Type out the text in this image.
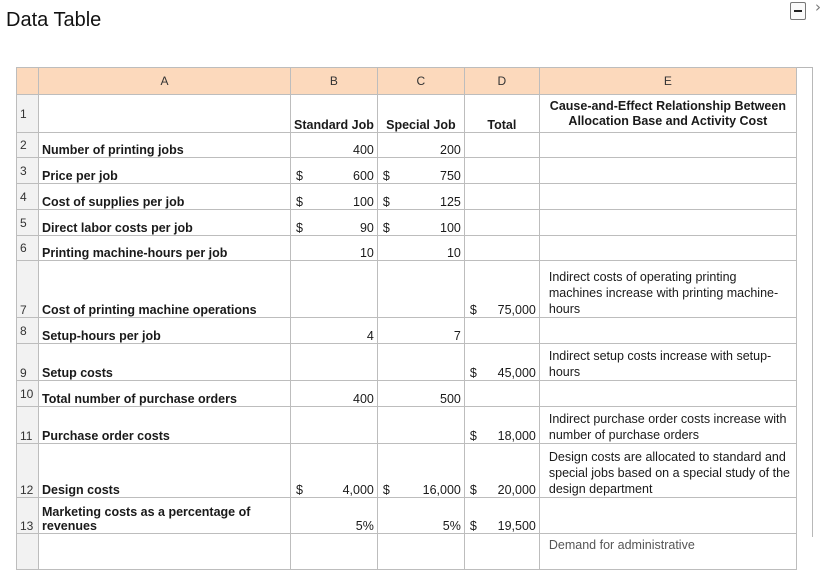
Data Table
›
	A	B	C	D	E
1		Standard Job	Special Job	Total	Cause-and-Effect Relationship Between Allocation Base and Activity Cost
2	Number of printing jobs	400	200		
3	Price per job	$ 600	$ 750		
4	Cost of supplies per job	$ 100	$ 125		
5	Direct labor costs per job	$ 90	$ 100		
6	Printing machine-hours per job	10	10		
7	Cost of printing machine operations			$ 75,000	Indirect costs of operating printing machines increase with printing machine-hours
8	Setup-hours per job	4	7		
9	Setup costs			$ 45,000	Indirect setup costs increase with setup-hours
10	Total number of purchase orders	400	500		
11	Purchase order costs			$ 18,000	Indirect purchase order costs increase with number of purchase orders
12	Design costs	$ 4,000	$ 16,000	$ 20,000	Design costs are allocated to standard and special jobs based on a special study of the design department
13	Marketing costs as a percentage of revenues	5%	5%	$ 19,500	
					Demand for administrative
